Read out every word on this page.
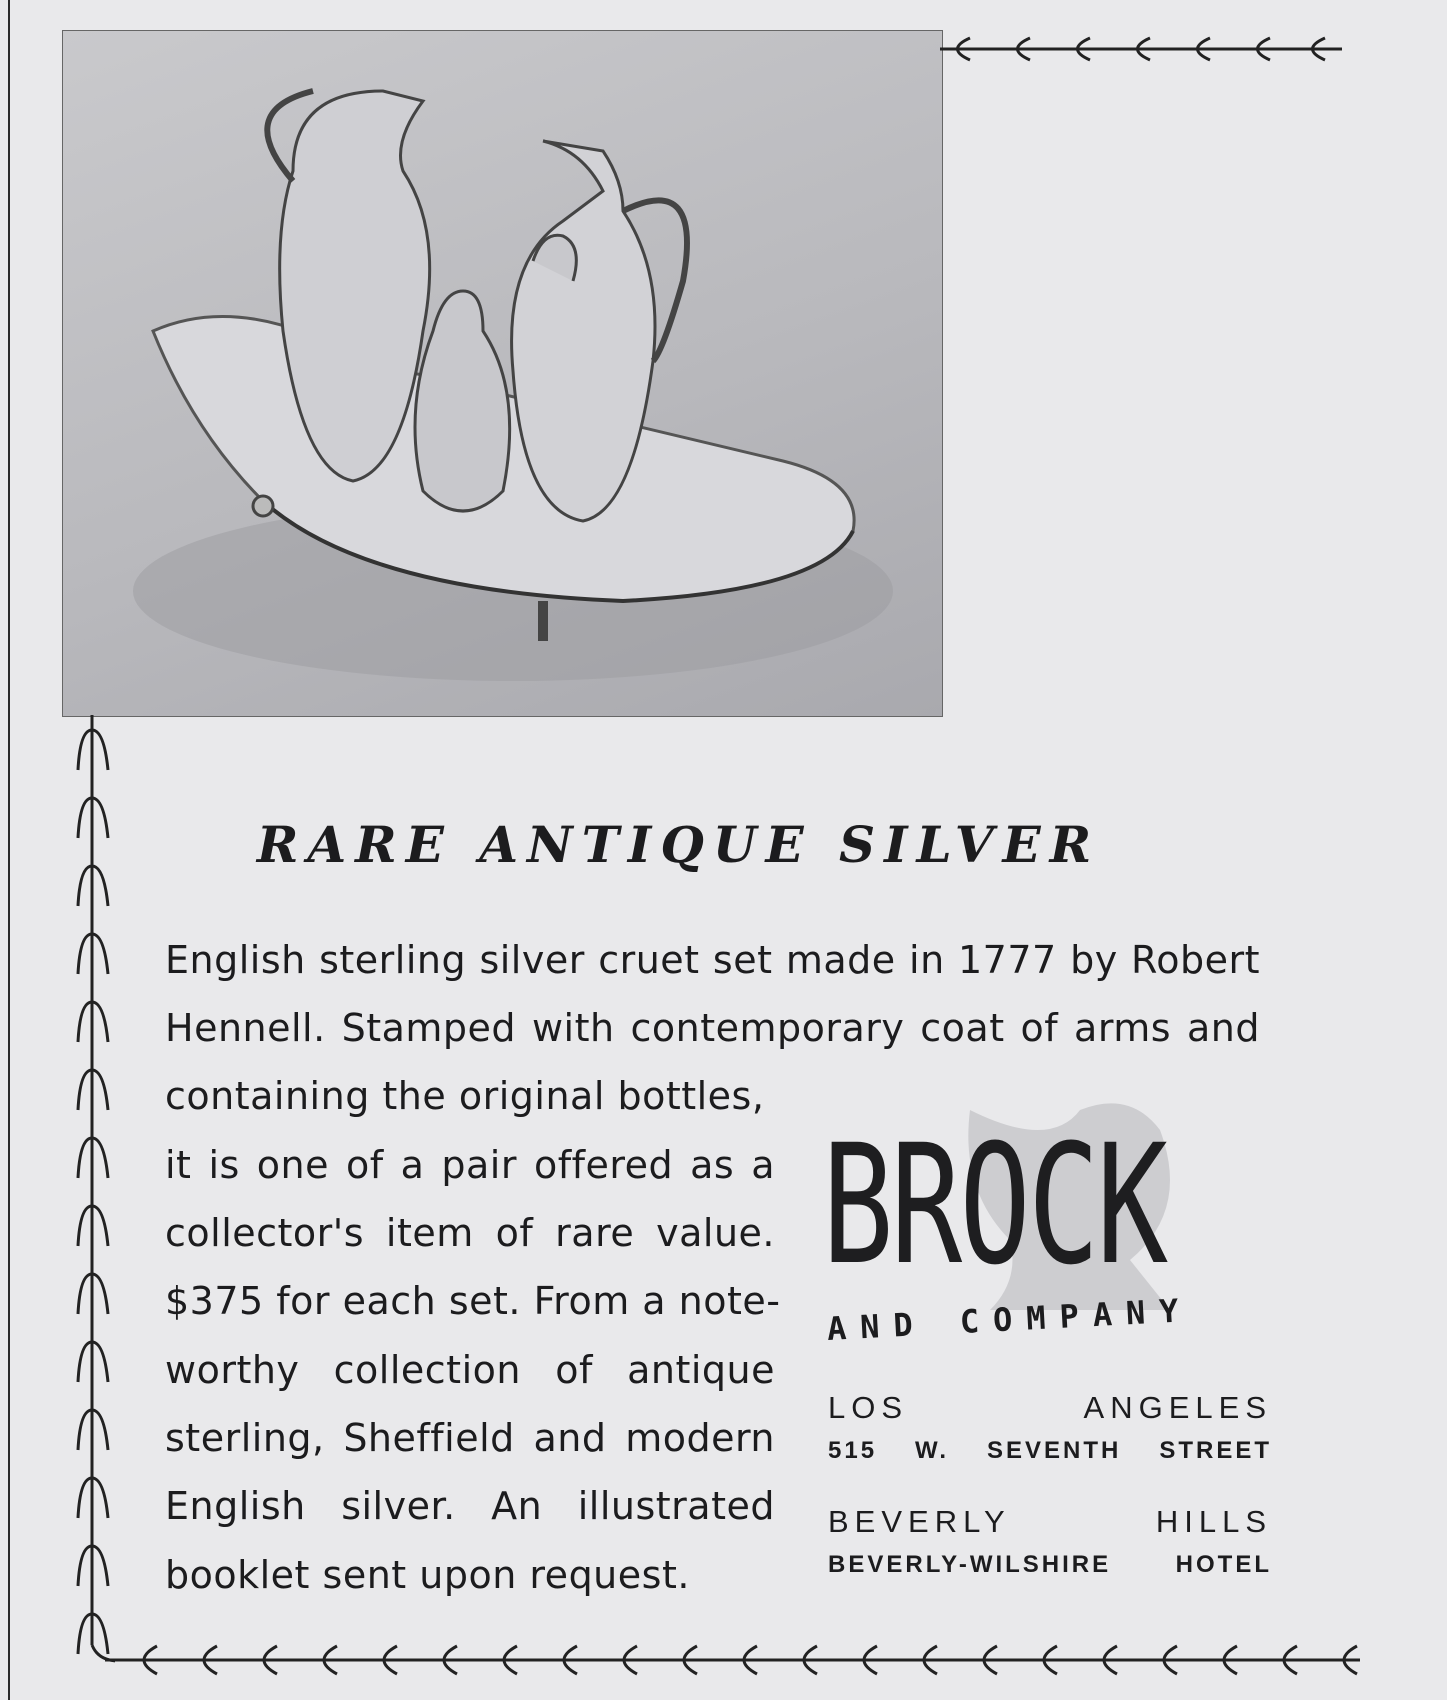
RARE ANTIQUE SILVER
English sterling silver cruet set made in 1777 by Robert
Hennell. Stamped with contemporary coat of arms and
containing the original bottles,
it is one of a pair offered as a
collector's item of rare value.
$375 for each set. From a note-
worthy collection of antique
sterling, Sheffield and modern
English silver. An illustrated
booklet sent upon request.
BROCK
AND COMPANY
LOS ANGELES
515 W. SEVENTH STREET
BEVERLY HILLS
BEVERLY-WILSHIRE HOTEL
